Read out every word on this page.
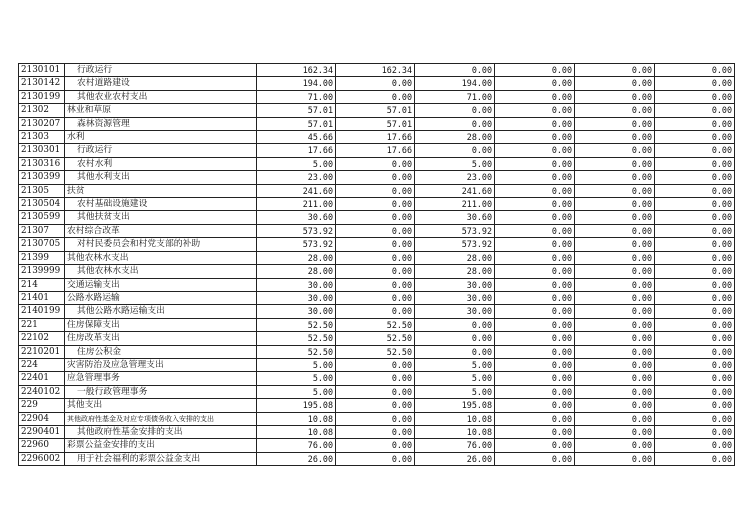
2130101	行政运行	162.34	162.34	0.00	0.00	0.00	0.00
2130142	农村道路建设	194.00	0.00	194.00	0.00	0.00	0.00
2130199	其他农业农村支出	71.00	0.00	71.00	0.00	0.00	0.00
21302	林业和草原	57.01	57.01	0.00	0.00	0.00	0.00
2130207	森林资源管理	57.01	57.01	0.00	0.00	0.00	0.00
21303	水利	45.66	17.66	28.00	0.00	0.00	0.00
2130301	行政运行	17.66	17.66	0.00	0.00	0.00	0.00
2130316	农村水利	5.00	0.00	5.00	0.00	0.00	0.00
2130399	其他水利支出	23.00	0.00	23.00	0.00	0.00	0.00
21305	扶贫	241.60	0.00	241.60	0.00	0.00	0.00
2130504	农村基础设施建设	211.00	0.00	211.00	0.00	0.00	0.00
2130599	其他扶贫支出	30.60	0.00	30.60	0.00	0.00	0.00
21307	农村综合改革	573.92	0.00	573.92	0.00	0.00	0.00
2130705	对村民委员会和村党支部的补助	573.92	0.00	573.92	0.00	0.00	0.00
21399	其他农林水支出	28.00	0.00	28.00	0.00	0.00	0.00
2139999	其他农林水支出	28.00	0.00	28.00	0.00	0.00	0.00
214	交通运输支出	30.00	0.00	30.00	0.00	0.00	0.00
21401	公路水路运输	30.00	0.00	30.00	0.00	0.00	0.00
2140199	其他公路水路运输支出	30.00	0.00	30.00	0.00	0.00	0.00
221	住房保障支出	52.50	52.50	0.00	0.00	0.00	0.00
22102	住房改革支出	52.50	52.50	0.00	0.00	0.00	0.00
2210201	住房公积金	52.50	52.50	0.00	0.00	0.00	0.00
224	灾害防治及应急管理支出	5.00	0.00	5.00	0.00	0.00	0.00
22401	应急管理事务	5.00	0.00	5.00	0.00	0.00	0.00
2240102	一般行政管理事务	5.00	0.00	5.00	0.00	0.00	0.00
229	其他支出	195.08	0.00	195.08	0.00	0.00	0.00
22904	其他政府性基金及对应专项债务收入安排的支出	10.08	0.00	10.08	0.00	0.00	0.00
2290401	其他政府性基金安排的支出	10.08	0.00	10.08	0.00	0.00	0.00
22960	彩票公益金安排的支出	76.00	0.00	76.00	0.00	0.00	0.00
2296002	用于社会福利的彩票公益金支出	26.00	0.00	26.00	0.00	0.00	0.00
